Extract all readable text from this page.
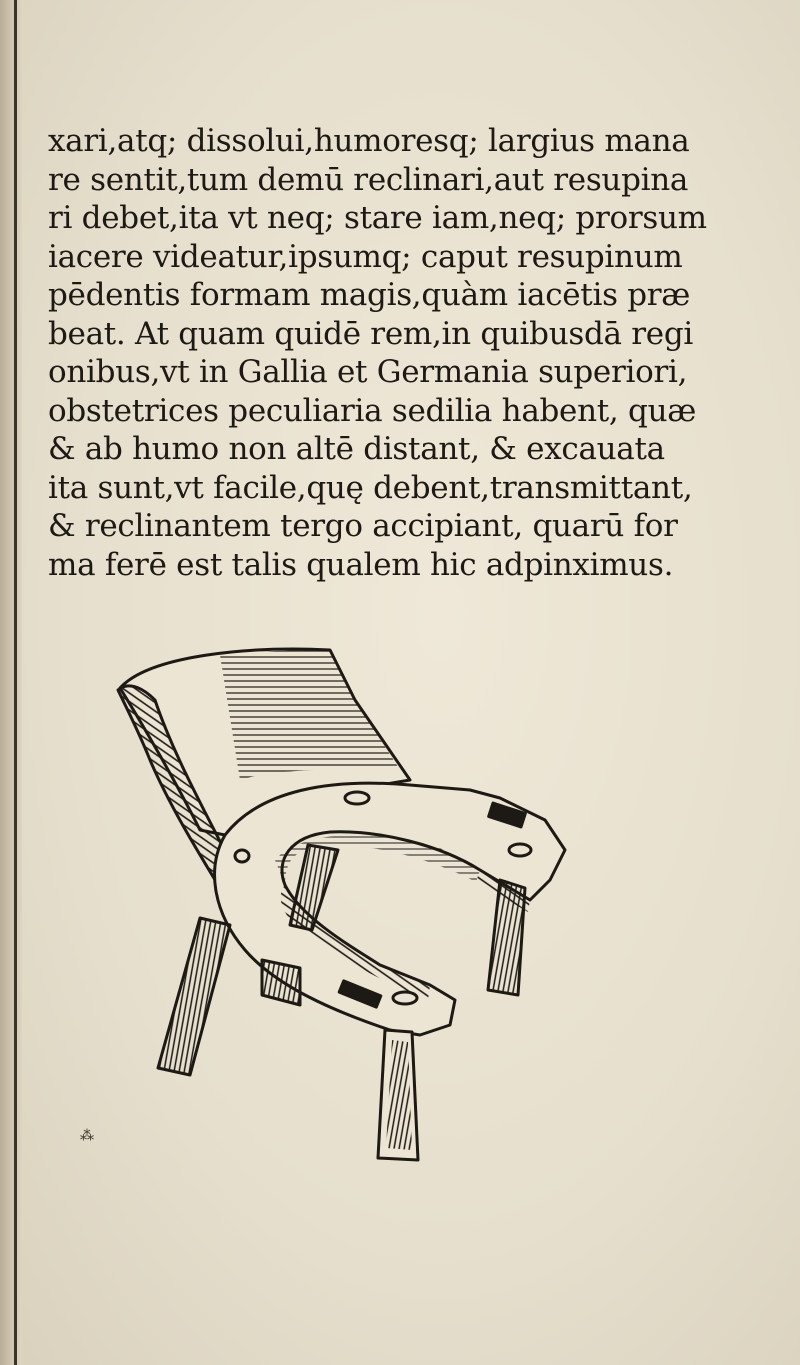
xari,atq; dissolui,humoresq; largius mana
re sentit,tum demū reclinari,aut resupina
ri debet,ita vt neq; stare iam,neq; prorsum
iacere videatur,ipsumq; caput resupinum
pēdentis formam magis,quàm iacētis præ
beat. At quam quidē rem,in quibusdā regi
onibus,vt in Gallia et Germania superiori,
obstetrices peculiaria sedilia habent, quæ
& ab humo non altē distant, & excauata
ita sunt,vt facile,quę debent,transmittant,
& reclinantem tergo accipiant, quarū for
ma ferē est talis qualem hic adpinximus.
⁂
